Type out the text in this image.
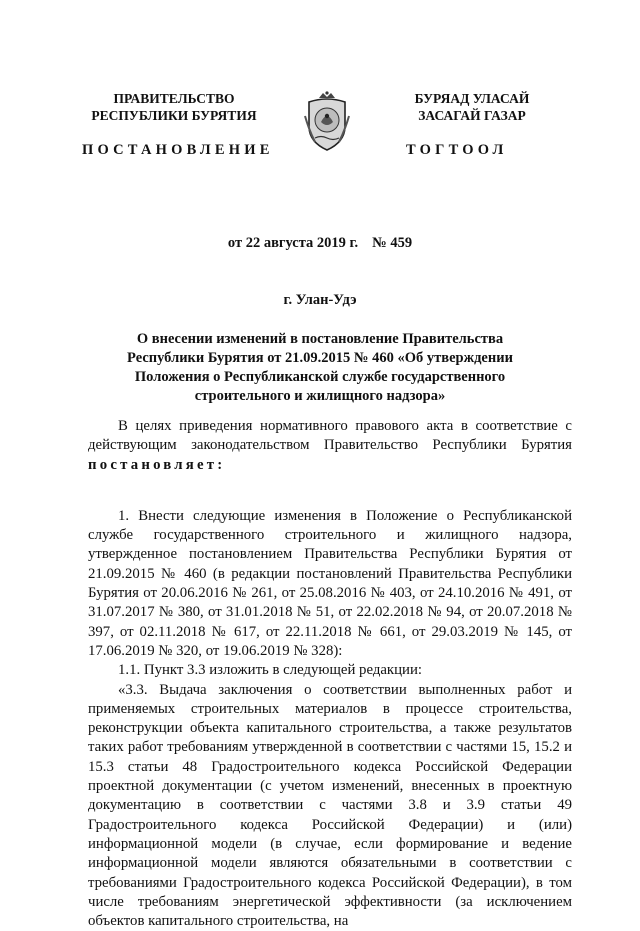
ПРАВИТЕЛЬСТВО
РЕСПУБЛИКИ БУРЯТИЯ
БУРЯАД УЛАСАЙ
ЗАСАГАЙ ГАЗАР
ПОСТАНОВЛЕНИЕ	ТОГТООЛ
от 22 августа 2019 г. № 459
г. Улан-Удэ
О внесении изменений в постановление Правительства Республики Бурятия от 21.09.2015 № 460 «Об утверждении Положения о Республиканской службе государственного строительного и жилищного надзора»

В целях приведения нормативного правового акта в соответствие с действующим законодательством Правительство Республики Бурятия постановляет:

1. Внести следующие изменения в Положение о Республиканской службе государственного строительного и жилищного надзора, утвержденное постановлением Правительства Республики Бурятия от 21.09.2015 № 460 (в редакции постановлений Правительства Республики Бурятия от 20.06.2016 № 261, от 25.08.2016 № 403, от 24.10.2016 № 491, от 31.07.2017 № 380, от 31.01.2018 № 51, от 22.02.2018 № 94, от 20.07.2018 № 397, от 02.11.2018 № 617, от 22.11.2018 № 661, от 29.03.2019 № 145, от 17.06.2019 № 320, от 19.06.2019 № 328):

1.1. Пункт 3.3 изложить в следующей редакции:

«3.3. Выдача заключения о соответствии выполненных работ и применяемых строительных материалов в процессе строительства, реконструкции объекта капитального строительства, а также результатов таких работ требованиям утвержденной в соответствии с частями 15, 15.2 и 15.3 статьи 48 Градостроительного кодекса Российской Федерации проектной документации (с учетом изменений, внесенных в проектную документацию в соответствии с частями 3.8 и 3.9 статьи 49 Градостроительного кодекса Российской Федерации) и (или) информационной модели (в случае, если формирование и ведение информационной модели являются обязательными в соответствии с требованиями Градостроительного кодекса Российской Федерации), в том числе требованиям энергетической эффективности (за исключением объектов капитального строительства, на
